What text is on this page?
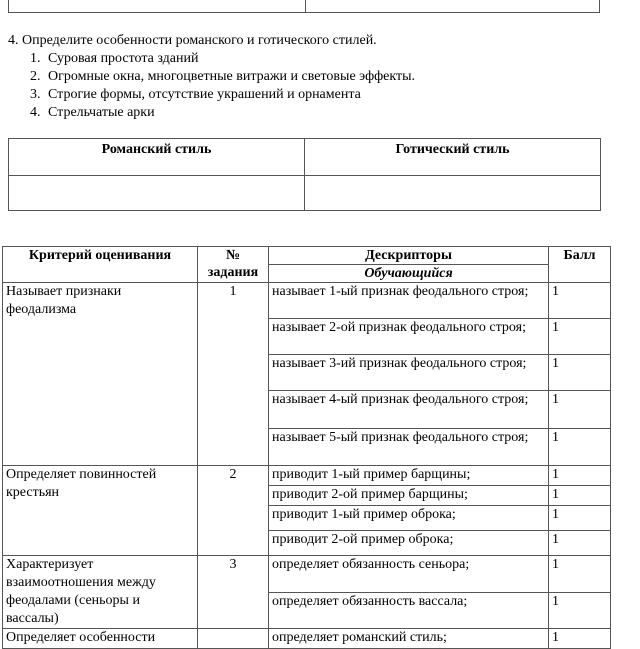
4. Определите особенности романского и готического стилей.
1. Суровая простота зданий
2. Огромные окна, многоцветные витражи и световые эффекты.
3. Строгие формы, отсутствие украшений и орнамента
4. Стрельчатые арки
Романский стиль	Готический стиль

Критерий оценивания	№ задания	Дескрипторы	Балл
		Обучающийся	
Называет признаки феодализма	1	называет 1-ый признак феодального строя;	1
		называет 2-ой признак феодального строя;	1
		называет 3-ий признак феодального строя;	1
		называет 4-ый признак феодального строя;	1
		называет 5-ый признак феодального строя;	1
Определяет повинностей крестьян	2	приводит 1-ый пример барщины;	1
		приводит 2-ой пример барщины;	1
		приводит 1-ый пример оброка;	1
		приводит 2-ой пример оброка;	1
Характеризует взаимоотношения между феодалами (сеньоры и вассалы)	3	определяет обязанность сеньора;	1
		определяет обязанность вассала;	1
Определяет особенности		определяет романский стиль;	1
